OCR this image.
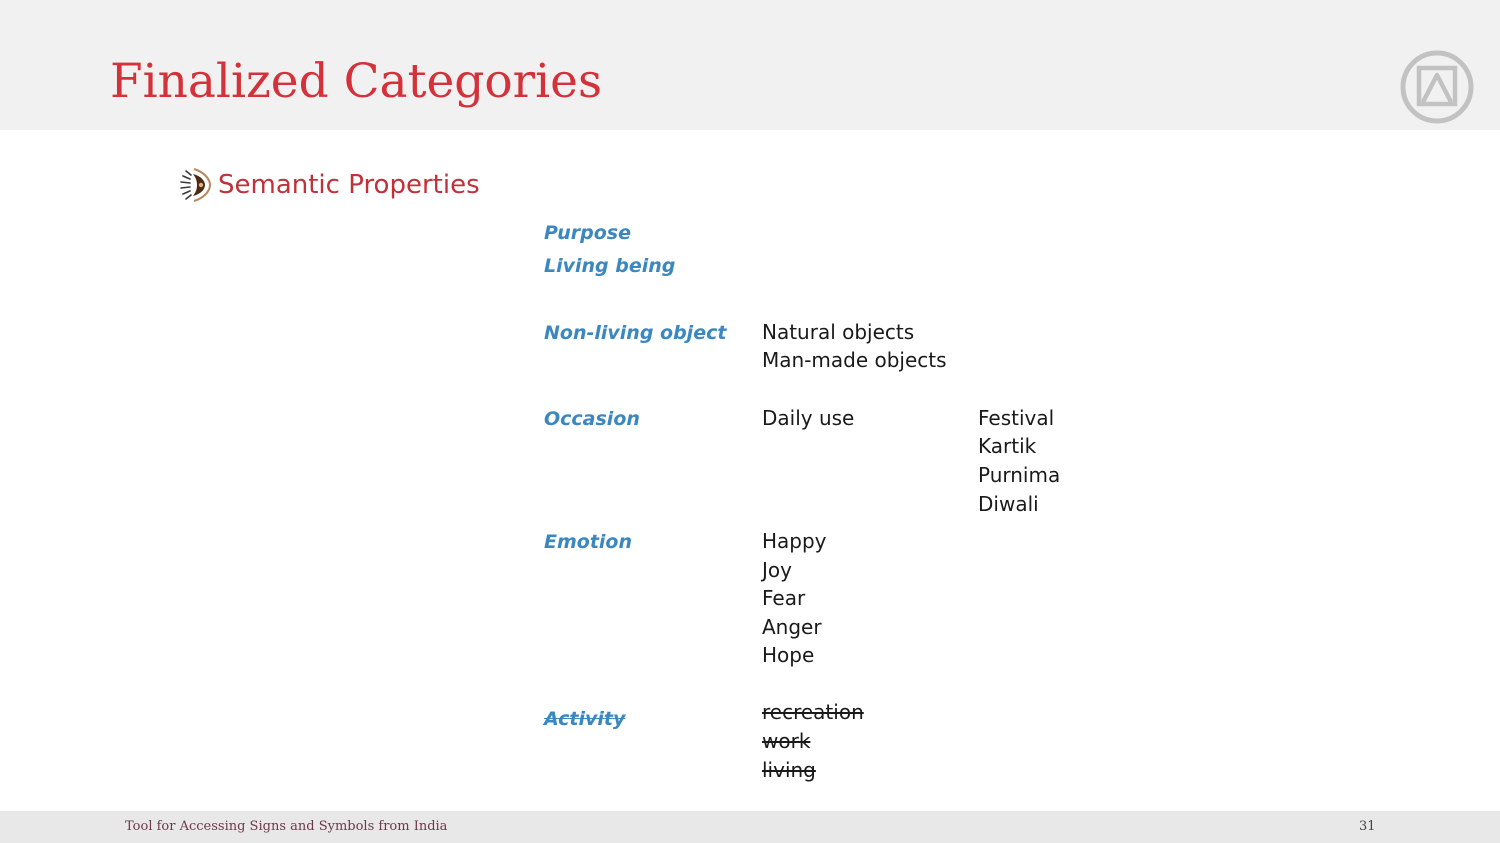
Finalized Categories
Semantic Properties
Purpose
Living being
Non-living object
Occasion
Emotion
Activity
Natural objects
Man-made objects
Daily use	Festival
Kartik
Purnima
Diwali
Happy
Joy
Fear
Anger
Hope
recreation
work
living
Tool for Accessing Signs and Symbols from India	31
